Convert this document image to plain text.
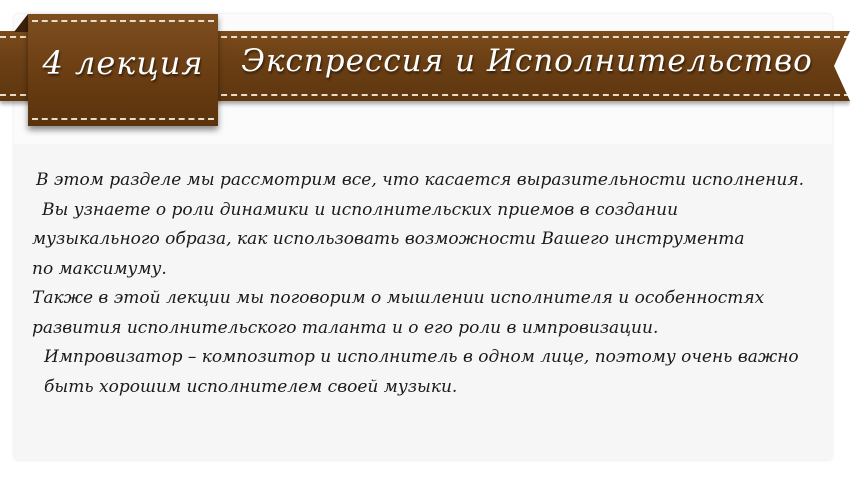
4 лекция	Экспрессия и Исполнительство
В этом разделе мы рассмотрим все, что касается выразительности исполнения.
Вы узнаете о роли динамики и исполнительских приемов в создании
музыкального образа, как использовать возможности Вашего инструмента
по максимуму.
Также в этой лекции мы поговорим о мышлении исполнителя и особенностях
развития исполнительского таланта и о его роли в импровизации.
Импровизатор – композитор и исполнитель в одном лице, поэтому очень важно
быть хорошим исполнителем своей музыки.
